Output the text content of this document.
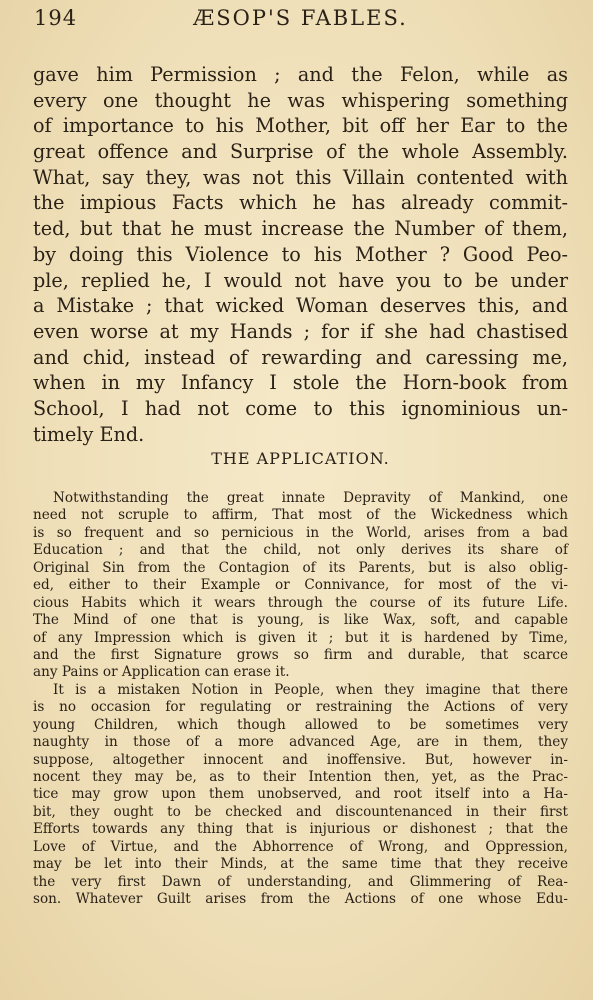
194	ÆSOP'S FABLES.
gave him Permission ; and the Felon, while as
every one thought he was whispering something
of importance to his Mother, bit off her Ear to the
great offence and Surprise of the whole Assembly.
What, say they, was not this Villain contented with
the impious Facts which he has already commit-
ted, but that he must increase the Number of them,
by doing this Violence to his Mother ? Good Peo-
ple, replied he, I would not have you to be under
a Mistake ; that wicked Woman deserves this, and
even worse at my Hands ; for if she had chastised
and chid, instead of rewarding and caressing me,
when in my Infancy I stole the Horn-book from
School, I had not come to this ignominious un-
timely End.
THE APPLICATION.
Notwithstanding the great innate Depravity of Mankind, one
need not scruple to affirm, That most of the Wickedness which
is so frequent and so pernicious in the World, arises from a bad
Education ; and that the child, not only derives its share of
Original Sin from the Contagion of its Parents, but is also oblig-
ed, either to their Example or Connivance, for most of the vi-
cious Habits which it wears through the course of its future Life.
The Mind of one that is young, is like Wax, soft, and capable
of any Impression which is given it ; but it is hardened by Time,
and the first Signature grows so firm and durable, that scarce
any Pains or Application can erase it.
It is a mistaken Notion in People, when they imagine that there
is no occasion for regulating or restraining the Actions of very
young Children, which though allowed to be sometimes very
naughty in those of a more advanced Age, are in them, they
suppose, altogether innocent and inoffensive. But, however in-
nocent they may be, as to their Intention then, yet, as the Prac-
tice may grow upon them unobserved, and root itself into a Ha-
bit, they ought to be checked and discountenanced in their first
Efforts towards any thing that is injurious or dishonest ; that the
Love of Virtue, and the Abhorrence of Wrong, and Oppression,
may be let into their Minds, at the same time that they receive
the very first Dawn of understanding, and Glimmering of Rea-
son. Whatever Guilt arises from the Actions of one whose Edu-
